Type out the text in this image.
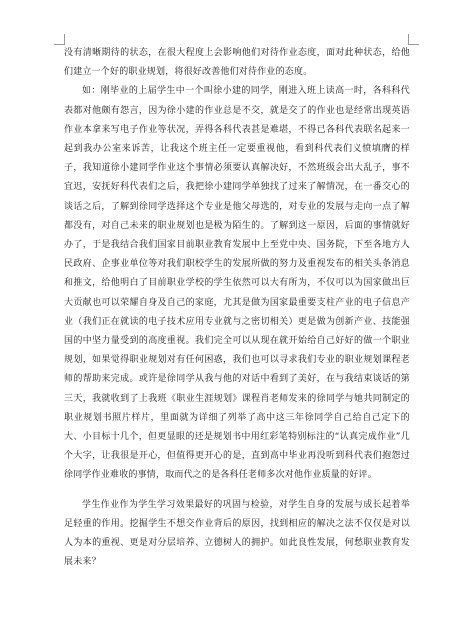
没有清晰期待的状态，在很大程度上会影响他们对待作业态度，面对此种状态，给他们建立一个好的职业规划，将很好改善他们对待作业的态度。

如：刚毕业的上届学生中一个叫徐小建的同学，刚进入班上读高一时，各科科代表都对他颇有怨言，因为徐小建的作业总是不交，就是交了的作业也是经常出现英语作业本拿来写电子作业等状况，弄得各科代表甚是难堪，不得已各科代表联名起来一起到我办公室来诉苦，让我这个班主任一定要重视他，看到科代表们义愤填膺的样子，我知道徐小建同学作业这个事情必须要认真解决好，不然班级会出大乱子，事不宜迟，安抚好科代表们之后，我把徐小建同学单独找了过来了解情况，在一番交心的谈话之后，了解到徐同学选择这个专业是他父母选的，对专业的发展与走向一点了解都没有，对自己未来的职业规划也是极为陌生的。了解到这一原因，后面的事情就好办了，于是我结合我们国家目前职业教育发展中上至党中央、国务院，下至各地方人民政府、企事业单位等对我们职校学生的发展所做的努力及重视发布的相关头条消息和推文，给他明白了目前职业学校的学生依然可以大有所为，不仅可以为国家做出巨大贡献也可以荣耀自身及自己的家庭，尤其是做为国家最重要支柱产业的电子信息产业（我们正在就读的电子技术应用专业就与之密切相关）更是做为创新产业、技能强国的中坚力量受到的高度重视。我们完全可以从现在就开始给自己好好的做一个职业规划，如果觉得职业规划对有任何困惑，我们也可以寻求我们专业的职业规划课程老师的帮助来完成。或许是徐同学从我与他的对话中看到了美好，在与我结束谈话的第三天，我就收到了上我班《职业生涯规划》课程肖老师发来的徐同学与她共同制定的职业规划书照片样片，里面就为详细了列举了高中这三年徐同学自己给自己定下的大、小目标十几个，但更显眼的还是规划书中用红彩笔特别标注的“认真完成作业”几个大字，让我很是开心，但值得更开心的是，直到高中毕业再没听到科代表们抱怨过徐同学作业难收的事情，取而代之的是各科任老师多次对他作业质量的好评。

学生作业作为学生学习效果最好的巩固与检验，对学生自身的发展与成长起着举足轻重的作用。挖掘学生不想交作业背后的原因，找到相应的解决之法不仅仅是对以人为本的重视、更是对分层培养、立德树人的拥护。如此良性发展，何愁职业教育发展未来？
